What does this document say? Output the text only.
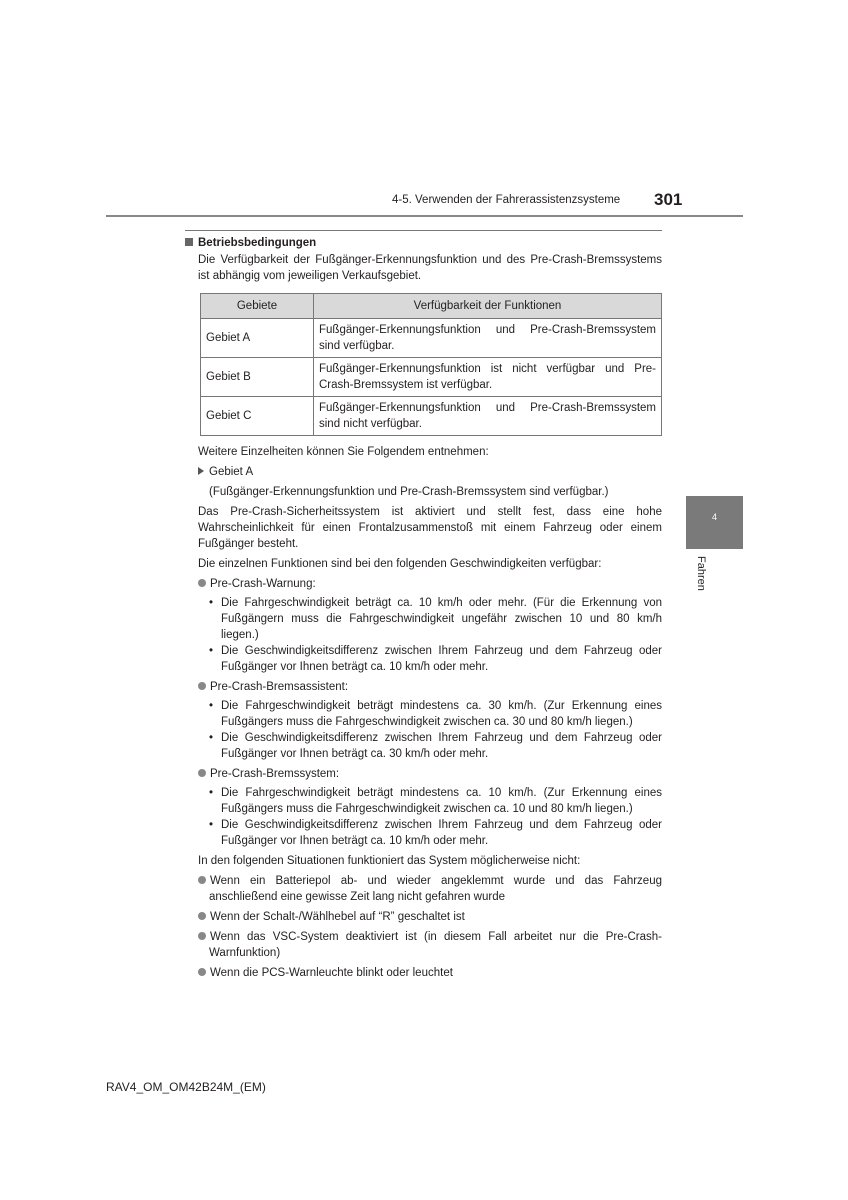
4-5. Verwenden der Fahrerassistenzsysteme 301
Betriebsbedingungen

Die Verfügbarkeit der Fußgänger-Erkennungsfunktion und des Pre-Crash-Bremssystems ist abhängig vom jeweiligen Verkaufsgebiet.

Gebiete	Verfügbarkeit der Funktionen
Gebiet A	Fußgänger-Erkennungsfunktion und Pre-Crash-Bremssystem sind verfügbar.
Gebiet B	Fußgänger-Erkennungsfunktion ist nicht verfügbar und Pre-Crash-Bremssystem ist verfügbar.
Gebiet C	Fußgänger-Erkennungsfunktion und Pre-Crash-Bremssystem sind nicht verfügbar.

Weitere Einzelheiten können Sie Folgendem entnehmen:

Gebiet A

(Fußgänger-Erkennungsfunktion und Pre-Crash-Bremssystem sind verfügbar.)

Das Pre-Crash-Sicherheitssystem ist aktiviert und stellt fest, dass eine hohe Wahrscheinlichkeit für einen Frontalzusammenstoß mit einem Fahrzeug oder einem Fußgänger besteht.

Die einzelnen Funktionen sind bei den folgenden Geschwindigkeiten verfügbar:

Pre-Crash-Warnung:
• Die Fahrgeschwindigkeit beträgt ca. 10 km/h oder mehr. (Für die Erkennung von Fußgängern muss die Fahrgeschwindigkeit ungefähr zwischen 10 und 80 km/h liegen.)
• Die Geschwindigkeitsdifferenz zwischen Ihrem Fahrzeug und dem Fahrzeug oder Fußgänger vor Ihnen beträgt ca. 10 km/h oder mehr.
Pre-Crash-Bremsassistent:
• Die Fahrgeschwindigkeit beträgt mindestens ca. 30 km/h. (Zur Erkennung eines Fußgängers muss die Fahrgeschwindigkeit zwischen ca. 30 und 80 km/h liegen.)
• Die Geschwindigkeitsdifferenz zwischen Ihrem Fahrzeug und dem Fahrzeug oder Fußgänger vor Ihnen beträgt ca. 30 km/h oder mehr.
Pre-Crash-Bremssystem:
• Die Fahrgeschwindigkeit beträgt mindestens ca. 10 km/h. (Zur Erkennung eines Fußgängers muss die Fahrgeschwindigkeit zwischen ca. 10 und 80 km/h liegen.)
• Die Geschwindigkeitsdifferenz zwischen Ihrem Fahrzeug und dem Fahrzeug oder Fußgänger vor Ihnen beträgt ca. 10 km/h oder mehr.

In den folgenden Situationen funktioniert das System möglicherweise nicht:

Wenn ein Batteriepol ab- und wieder angeklemmt wurde und das Fahrzeug anschließend eine gewisse Zeit lang nicht gefahren wurde
Wenn der Schalt-/Wählhebel auf “R” geschaltet ist
Wenn das VSC-System deaktiviert ist (in diesem Fall arbeitet nur die Pre-Crash-Warnfunktion)
Wenn die PCS-Warnleuchte blinkt oder leuchtet
4
Fahren
RAV4_OM_OM42B24M_(EM)
